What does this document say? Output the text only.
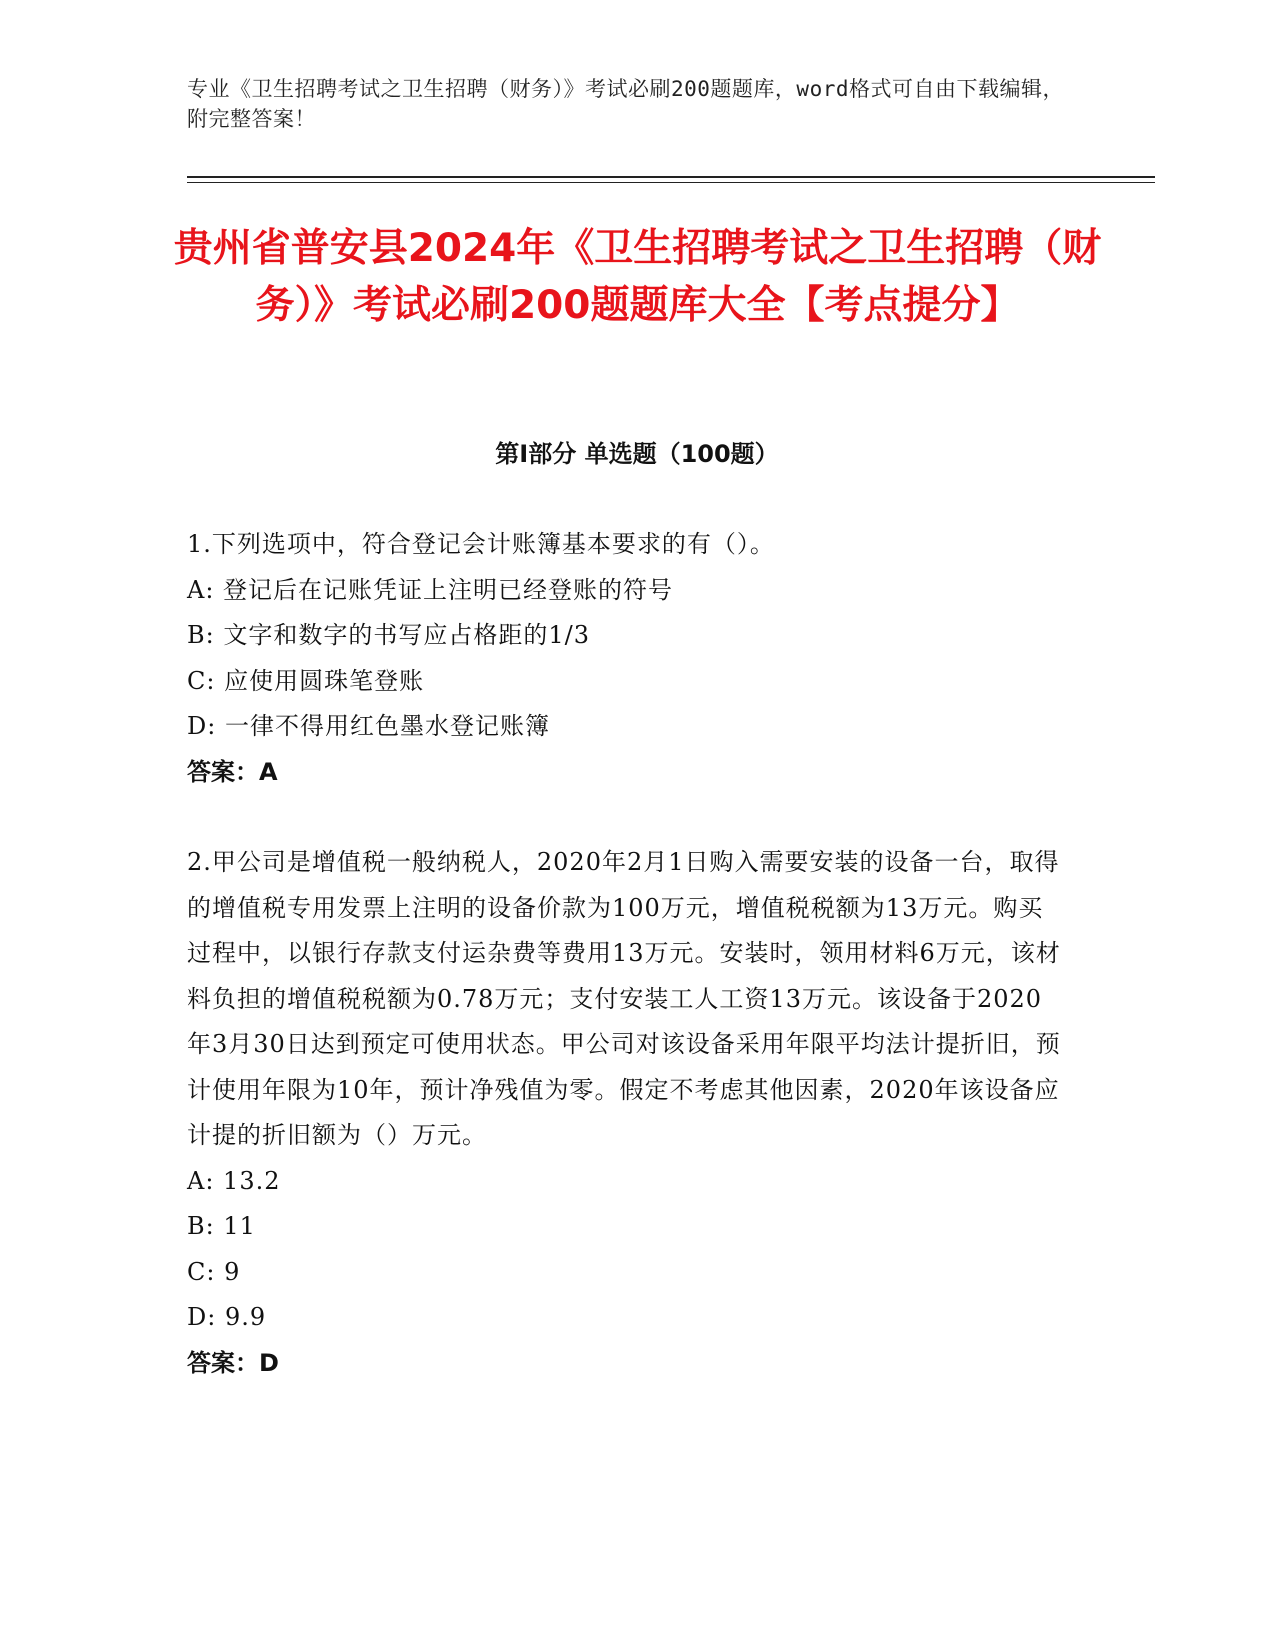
专业《卫生招聘考试之卫生招聘（财务）》考试必刷200题题库，word格式可自由下载编辑，附完整答案！
贵州省普安县2024年《卫生招聘考试之卫生招聘（财务）》考试必刷200题题库大全【考点提分】
第I部分 单选题（100题）

1.下列选项中，符合登记会计账簿基本要求的有（）。

A: 登记后在记账凭证上注明已经登账的符号

B: 文字和数字的书写应占格距的1/3

C: 应使用圆珠笔登账

D: 一律不得用红色墨水登记账簿

答案：A

2.甲公司是增值税一般纳税人，2020年2月1日购入需要安装的设备一台，取得的增值税专用发票上注明的设备价款为100万元，增值税税额为13万元。购买过程中，以银行存款支付运杂费等费用13万元。安装时，领用材料6万元，该材料负担的增值税税额为0.78万元；支付安装工人工资13万元。该设备于2020年3月30日达到预定可使用状态。甲公司对该设备采用年限平均法计提折旧，预计使用年限为10年，预计净残值为零。假定不考虑其他因素，2020年该设备应计提的折旧额为（）万元。

A: 13.2

B: 11

C: 9

D: 9.9

答案：D
